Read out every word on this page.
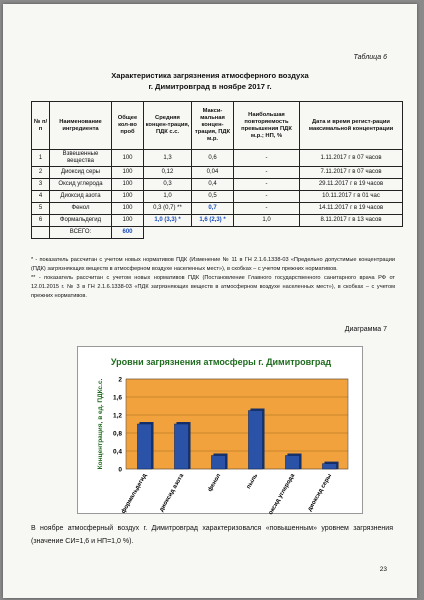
Таблица 6
Характеристика загрязнения атмосферного воздуха
г. Димитровград в ноябре 2017 г.
№ п/п	Наименование ингредиента	Общее кол-во проб	Средняя концен-трация, ПДК с.с.	Макси-мальная концен-трация, ПДК м.р.	Наибольшая повторяемость превышения ПДК м.р.; НП, %	Дата и время регист-рации максимальной концентрации
1	Взвешенные вещества	100	1,3	0,6	-	1.11.2017 г в 07 часов
2	Диоксид серы	100	0,12	0,04	-	7.11.2017 г в 07 часов
3	Оксид углерода	100	0,3	0,4	-	29.11.2017 г в 19 часов
4	Диоксид азота	100	1,0	0,5	-	10.11.2017 г в 01 час
5	Фенол	100	0,3 (0,7) **	0,7	-	14.11.2017 г в 19 часов
6	Формальдегид	100	1,0 (3,3) *	1,6 (2,3) *	1,0	8.11.2017 г в 13 часов
	ВСЕГО:	600				

* - показатель рассчитан с учетом новых нормативов ПДК (Изменение № 11 в ГН 2.1.6.1338-03 «Предельно допустимые концентрации (ПДК) загрязняющих веществ в атмосферном воздухе населенных мест»), в скобках – с учетом прежних нормативов.

** - показатель рассчитан с учетом новых нормативов ПДК (Постановление Главного государственного санитарного врача РФ от 12.01.2015 г. № 3 в ГН 2.1.6.1338-03 «ПДК загрязняющих веществ в атмосферном воздухе населенных мест»), в скобках – с учетом прежних нормативов.

Диаграмма 7
Уровни загрязнения атмосферы г. Димитровград
0
0,4
0,8
1,2
1,6
2
Концентрация, в ед. ПДКс.с.
формальдегид диоксид азота	фенол	пыль оксид углерода диоксид серы
В ноябре атмосферный воздух г. Димитровград характеризовался «повышенным» уровнем загрязнения (значение СИ=1,6 и НП=1,0 %).
23
